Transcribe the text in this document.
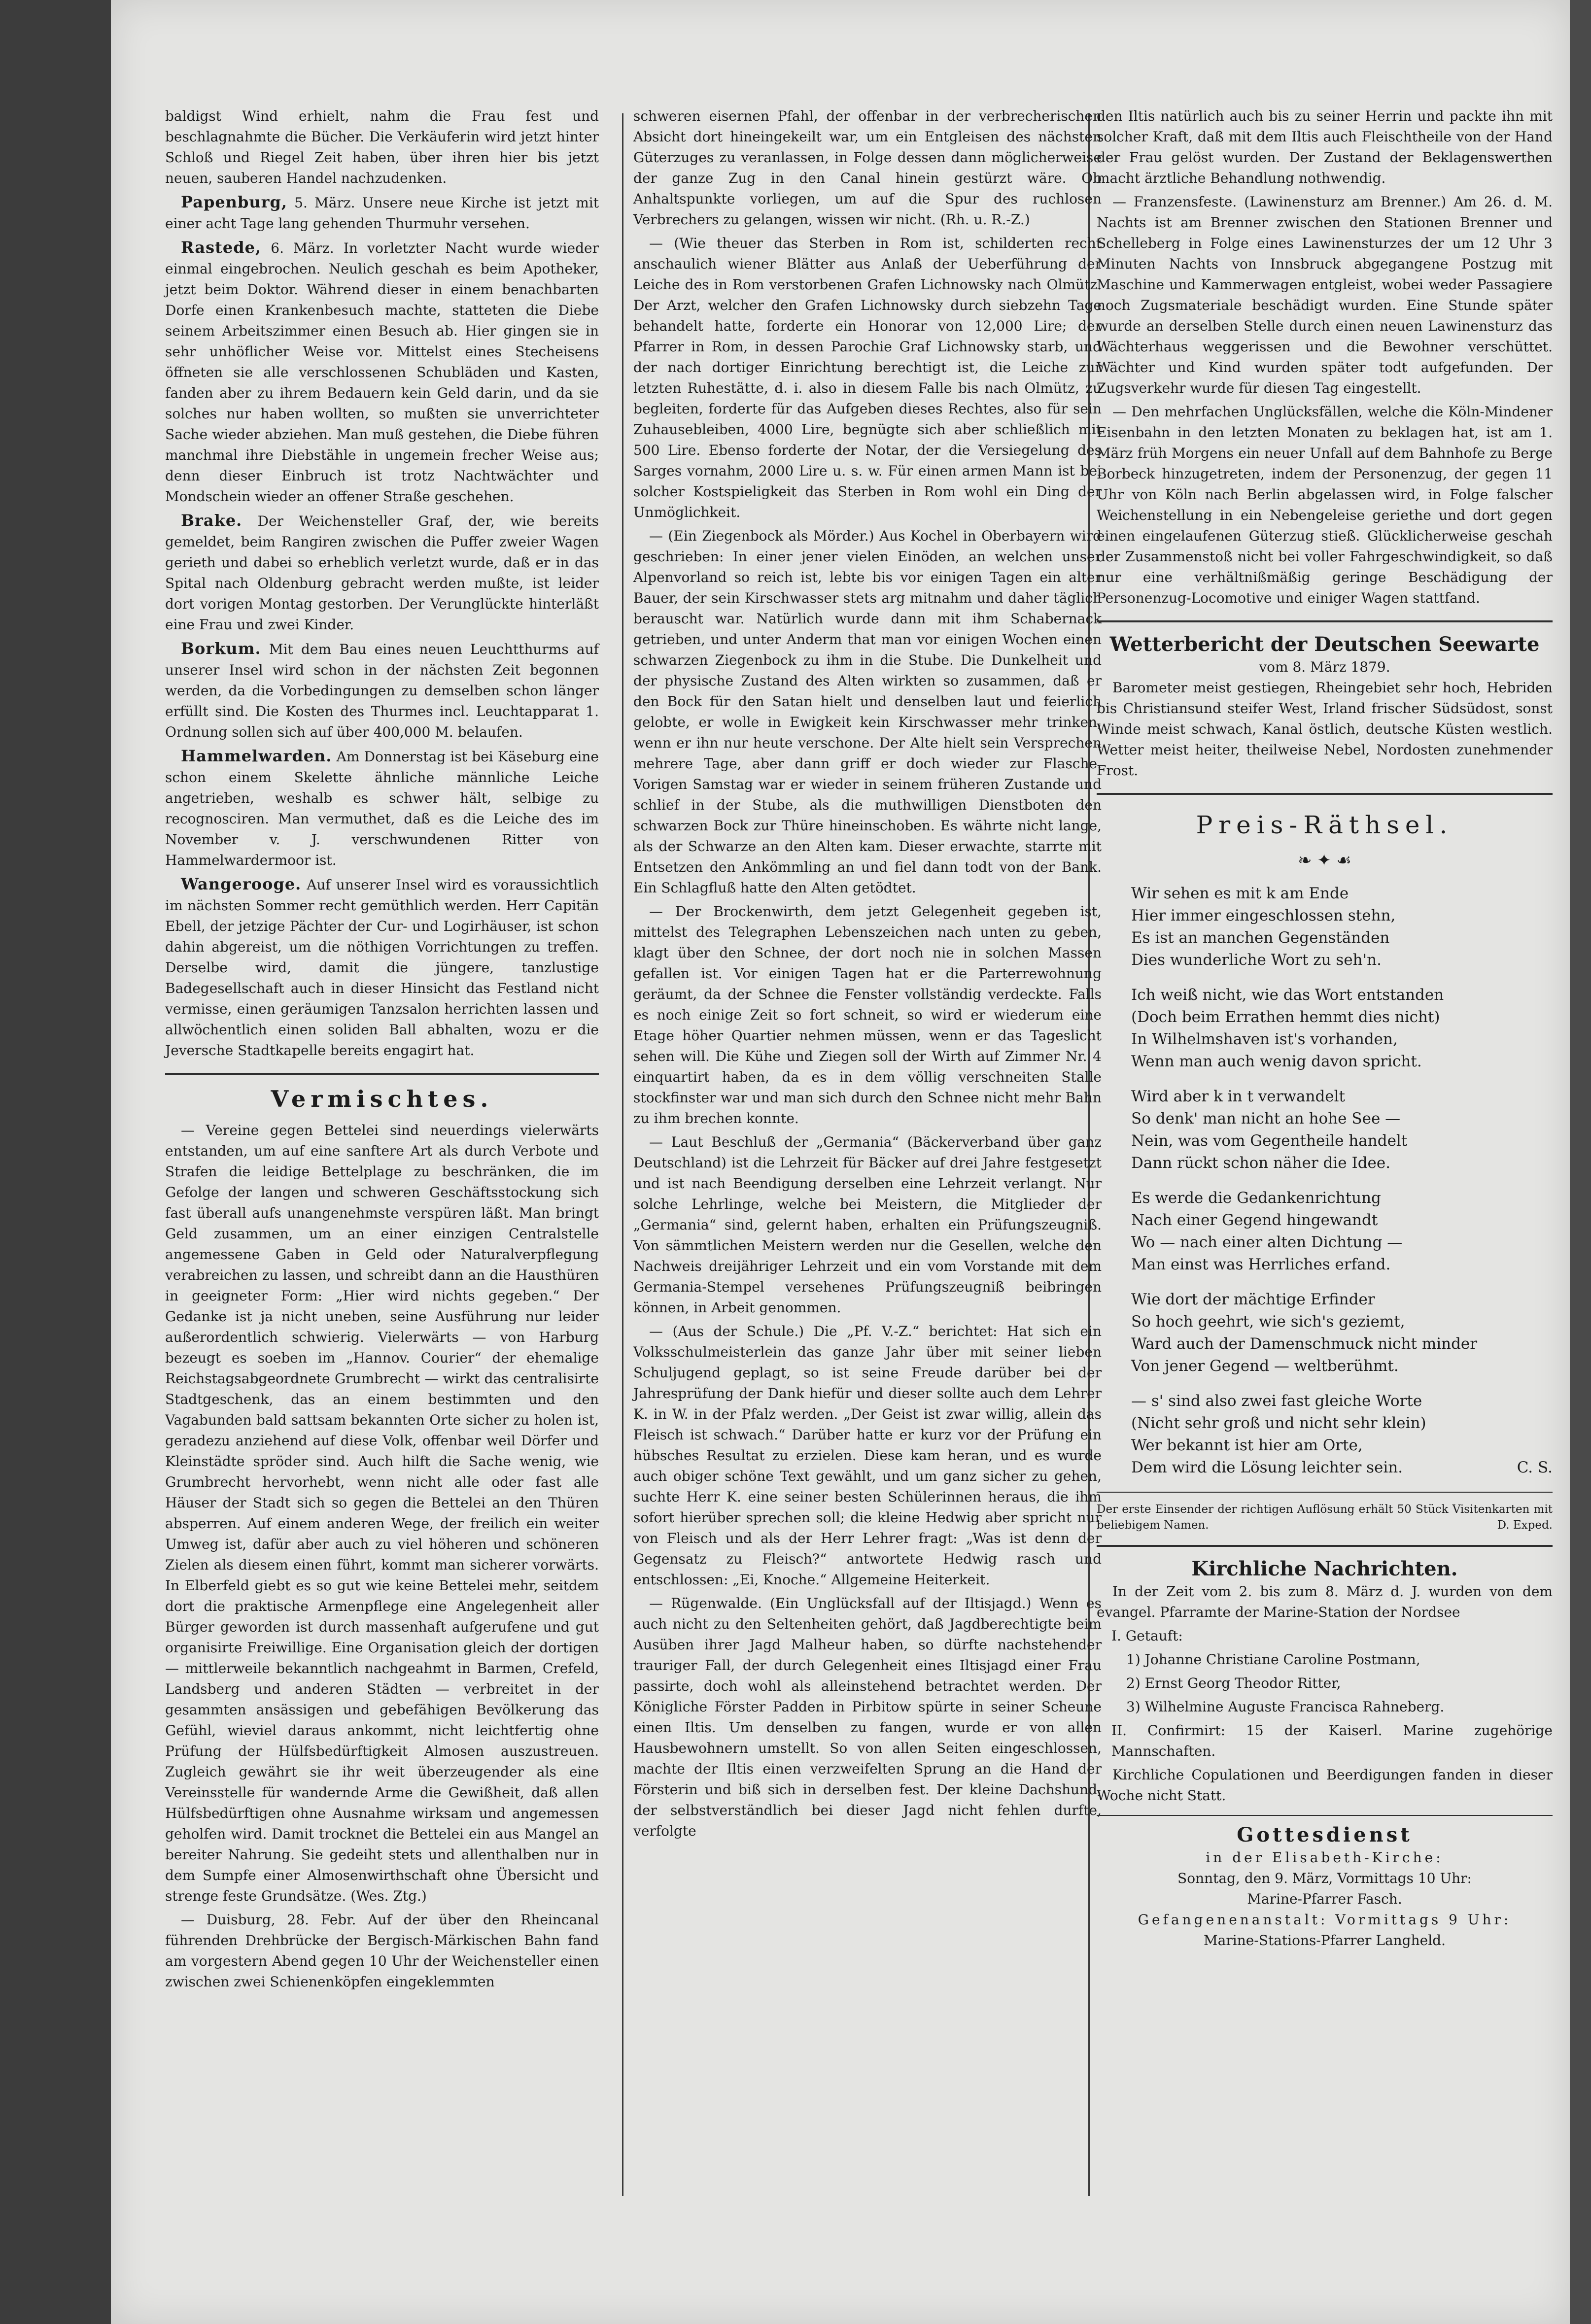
baldigst Wind erhielt, nahm die Frau fest und beschlagnahmte die Bücher. Die Verkäuferin wird jetzt hinter Schloß und Riegel Zeit haben, über ihren hier bis jetzt neuen, sauberen Handel nachzudenken.

Papenburg, 5. März. Unsere neue Kirche ist jetzt mit einer acht Tage lang gehenden Thurmuhr versehen.

Rastede, 6. März. In vorletzter Nacht wurde wieder einmal eingebrochen. Neulich geschah es beim Apotheker, jetzt beim Doktor. Während dieser in einem benachbarten Dorfe einen Krankenbesuch machte, statteten die Diebe seinem Arbeitszimmer einen Besuch ab. Hier gingen sie in sehr unhöflicher Weise vor. Mittelst eines Stecheisens öffneten sie alle verschlossenen Schubläden und Kasten, fanden aber zu ihrem Bedauern kein Geld darin, und da sie solches nur haben wollten, so mußten sie unverrichteter Sache wieder abziehen. Man muß gestehen, die Diebe führen manchmal ihre Diebstähle in ungemein frecher Weise aus; denn dieser Einbruch ist trotz Nachtwächter und Mondschein wieder an offener Straße geschehen.

Brake. Der Weichensteller Graf, der, wie bereits gemeldet, beim Rangiren zwischen die Puffer zweier Wagen gerieth und dabei so erheblich verletzt wurde, daß er in das Spital nach Oldenburg gebracht werden mußte, ist leider dort vorigen Montag gestorben. Der Verunglückte hinterläßt eine Frau und zwei Kinder.

Borkum. Mit dem Bau eines neuen Leuchtthurms auf unserer Insel wird schon in der nächsten Zeit begonnen werden, da die Vorbedingungen zu demselben schon länger erfüllt sind. Die Kosten des Thurmes incl. Leuchtapparat 1. Ordnung sollen sich auf über 400,000 M. belaufen.

Hammelwarden. Am Donnerstag ist bei Käseburg eine schon einem Skelette ähnliche männliche Leiche angetrieben, weshalb es schwer hält, selbige zu recognosciren. Man vermuthet, daß es die Leiche des im November v. J. verschwundenen Ritter von Hammelwardermoor ist.

Wangerooge. Auf unserer Insel wird es voraussichtlich im nächsten Sommer recht gemüthlich werden. Herr Capitän Ebell, der jetzige Pächter der Cur- und Logirhäuser, ist schon dahin abgereist, um die nöthigen Vorrichtungen zu treffen. Derselbe wird, damit die jüngere, tanzlustige Badegesellschaft auch in dieser Hinsicht das Festland nicht vermisse, einen geräumigen Tanzsalon herrichten lassen und allwöchentlich einen soliden Ball abhalten, wozu er die Jeversche Stadtkapelle bereits engagirt hat.

Vermischtes.

— Vereine gegen Bettelei sind neuerdings vielerwärts entstanden, um auf eine sanftere Art als durch Verbote und Strafen die leidige Bettelplage zu beschränken, die im Gefolge der langen und schweren Geschäftsstockung sich fast überall aufs unangenehmste verspüren läßt. Man bringt Geld zusammen, um an einer einzigen Centralstelle angemessene Gaben in Geld oder Naturalverpflegung verabreichen zu lassen, und schreibt dann an die Hausthüren in geeigneter Form: „Hier wird nichts gegeben.“ Der Gedanke ist ja nicht uneben, seine Ausführung nur leider außerordentlich schwierig. Vielerwärts — von Harburg bezeugt es soeben im „Hannov. Courier“ der ehemalige Reichstagsabgeordnete Grumbrecht — wirkt das centralisirte Stadtgeschenk, das an einem bestimmten und den Vagabunden bald sattsam bekannten Orte sicher zu holen ist, geradezu anziehend auf diese Volk, offenbar weil Dörfer und Kleinstädte spröder sind. Auch hilft die Sache wenig, wie Grumbrecht hervorhebt, wenn nicht alle oder fast alle Häuser der Stadt sich so gegen die Bettelei an den Thüren absperren. Auf einem anderen Wege, der freilich ein weiter Umweg ist, dafür aber auch zu viel höheren und schöneren Zielen als diesem einen führt, kommt man sicherer vorwärts. In Elberfeld giebt es so gut wie keine Bettelei mehr, seitdem dort die praktische Armenpflege eine Angelegenheit aller Bürger geworden ist durch massenhaft aufgerufene und gut organisirte Freiwillige. Eine Organisation gleich der dortigen — mittlerweile bekanntlich nachgeahmt in Barmen, Crefeld, Landsberg und anderen Städten — verbreitet in der gesammten ansässigen und gebefähigen Bevölkerung das Gefühl, wieviel daraus ankommt, nicht leichtfertig ohne Prüfung der Hülfsbedürftigkeit Almosen auszustreuen. Zugleich gewährt sie ihr weit überzeugender als eine Vereinsstelle für wandernde Arme die Gewißheit, daß allen Hülfsbedürftigen ohne Ausnahme wirksam und angemessen geholfen wird. Damit trocknet die Bettelei ein aus Mangel an bereiter Nahrung. Sie gedeiht stets und allenthalben nur in dem Sumpfe einer Almosenwirthschaft ohne Übersicht und strenge feste Grundsätze. (Wes. Ztg.)

— Duisburg, 28. Febr. Auf der über den Rheincanal führenden Drehbrücke der Bergisch-Märkischen Bahn fand am vorgestern Abend gegen 10 Uhr der Weichensteller einen zwischen zwei Schienenköpfen eingeklemmten

schweren eisernen Pfahl, der offenbar in der verbrecherischen Absicht dort hineingekeilt war, um ein Entgleisen des nächsten Güterzuges zu veranlassen, in Folge dessen dann möglicherweise der ganze Zug in den Canal hinein gestürzt wäre. Ob Anhaltspunkte vorliegen, um auf die Spur des ruchlosen Verbrechers zu gelangen, wissen wir nicht. (Rh. u. R.-Z.)

— (Wie theuer das Sterben in Rom ist, schilderten recht anschaulich wiener Blätter aus Anlaß der Ueberführung der Leiche des in Rom verstorbenen Grafen Lichnowsky nach Olmütz. Der Arzt, welcher den Grafen Lichnowsky durch siebzehn Tage behandelt hatte, forderte ein Honorar von 12,000 Lire; der Pfarrer in Rom, in dessen Parochie Graf Lichnowsky starb, und der nach dortiger Einrichtung berechtigt ist, die Leiche zur letzten Ruhestätte, d. i. also in diesem Falle bis nach Olmütz, zu begleiten, forderte für das Aufgeben dieses Rechtes, also für sein Zuhausebleiben, 4000 Lire, begnügte sich aber schließlich mit 500 Lire. Ebenso forderte der Notar, der die Versiegelung des Sarges vornahm, 2000 Lire u. s. w. Für einen armen Mann ist bei solcher Kostspieligkeit das Sterben in Rom wohl ein Ding der Unmöglichkeit.

— (Ein Ziegenbock als Mörder.) Aus Kochel in Oberbayern wird geschrieben: In einer jener vielen Einöden, an welchen unser Alpenvorland so reich ist, lebte bis vor einigen Tagen ein alter Bauer, der sein Kirschwasser stets arg mitnahm und daher täglich berauscht war. Natürlich wurde dann mit ihm Schabernack getrieben, und unter Anderm that man vor einigen Wochen einen schwarzen Ziegenbock zu ihm in die Stube. Die Dunkelheit und der physische Zustand des Alten wirkten so zusammen, daß er den Bock für den Satan hielt und denselben laut und feierlich gelobte, er wolle in Ewigkeit kein Kirschwasser mehr trinken, wenn er ihn nur heute verschone. Der Alte hielt sein Versprechen mehrere Tage, aber dann griff er doch wieder zur Flasche. Vorigen Samstag war er wieder in seinem früheren Zustande und schlief in der Stube, als die muthwilligen Dienstboten den schwarzen Bock zur Thüre hineinschoben. Es währte nicht lange, als der Schwarze an den Alten kam. Dieser erwachte, starrte mit Entsetzen den Ankömmling an und fiel dann todt von der Bank. Ein Schlagfluß hatte den Alten getödtet.

— Der Brockenwirth, dem jetzt Gelegenheit gegeben ist, mittelst des Telegraphen Lebenszeichen nach unten zu geben, klagt über den Schnee, der dort noch nie in solchen Massen gefallen ist. Vor einigen Tagen hat er die Parterrewohnung geräumt, da der Schnee die Fenster vollständig verdeckte. Falls es noch einige Zeit so fort schneit, so wird er wiederum eine Etage höher Quartier nehmen müssen, wenn er das Tageslicht sehen will. Die Kühe und Ziegen soll der Wirth auf Zimmer Nr. 4 einquartirt haben, da es in dem völlig verschneiten Stalle stockfinster war und man sich durch den Schnee nicht mehr Bahn zu ihm brechen konnte.

— Laut Beschluß der „Germania“ (Bäckerverband über ganz Deutschland) ist die Lehrzeit für Bäcker auf drei Jahre festgesetzt und ist nach Beendigung derselben eine Lehrzeit verlangt. Nur solche Lehrlinge, welche bei Meistern, die Mitglieder der „Germania“ sind, gelernt haben, erhalten ein Prüfungszeugniß. Von sämmtlichen Meistern werden nur die Gesellen, welche den Nachweis dreijähriger Lehrzeit und ein vom Vorstande mit dem Germania-Stempel versehenes Prüfungszeugniß beibringen können, in Arbeit genommen.

— (Aus der Schule.) Die „Pf. V.-Z.“ berichtet: Hat sich ein Volksschulmeisterlein das ganze Jahr über mit seiner lieben Schuljugend geplagt, so ist seine Freude darüber bei der Jahresprüfung der Dank hiefür und dieser sollte auch dem Lehrer K. in W. in der Pfalz werden. „Der Geist ist zwar willig, allein das Fleisch ist schwach.“ Darüber hatte er kurz vor der Prüfung ein hübsches Resultat zu erzielen. Diese kam heran, und es wurde auch obiger schöne Text gewählt, und um ganz sicher zu gehen, suchte Herr K. eine seiner besten Schülerinnen heraus, die ihm sofort hierüber sprechen soll; die kleine Hedwig aber spricht nur von Fleisch und als der Herr Lehrer fragt: „Was ist denn der Gegensatz zu Fleisch?“ antwortete Hedwig rasch und entschlossen: „Ei, Knoche.“ Allgemeine Heiterkeit.

— Rügenwalde. (Ein Unglücksfall auf der Iltisjagd.) Wenn es auch nicht zu den Seltenheiten gehört, daß Jagdberechtigte beim Ausüben ihrer Jagd Malheur haben, so dürfte nachstehender trauriger Fall, der durch Gelegenheit eines Iltisjagd einer Frau passirte, doch wohl als alleinstehend betrachtet werden. Der Königliche Förster Padden in Pirbitow spürte in seiner Scheune einen Iltis. Um denselben zu fangen, wurde er von allen Hausbewohnern umstellt. So von allen Seiten eingeschlossen, machte der Iltis einen verzweifelten Sprung an die Hand der Försterin und biß sich in derselben fest. Der kleine Dachshund, der selbstverständlich bei dieser Jagd nicht fehlen durfte, verfolgte

den Iltis natürlich auch bis zu seiner Herrin und packte ihn mit solcher Kraft, daß mit dem Iltis auch Fleischtheile von der Hand der Frau gelöst wurden. Der Zustand der Beklagenswerthen macht ärztliche Behandlung nothwendig.

— Franzensfeste. (Lawinensturz am Brenner.) Am 26. d. M. Nachts ist am Brenner zwischen den Stationen Brenner und Schelleberg in Folge eines Lawinensturzes der um 12 Uhr 3 Minuten Nachts von Innsbruck abgegangene Postzug mit Maschine und Kammerwagen entgleist, wobei weder Passagiere noch Zugsmateriale beschädigt wurden. Eine Stunde später wurde an derselben Stelle durch einen neuen Lawinensturz das Wächterhaus weggerissen und die Bewohner verschüttet. Wächter und Kind wurden später todt aufgefunden. Der Zugsverkehr wurde für diesen Tag eingestellt.

— Den mehrfachen Unglücksfällen, welche die Köln-Mindener Eisenbahn in den letzten Monaten zu beklagen hat, ist am 1. März früh Morgens ein neuer Unfall auf dem Bahnhofe zu Berge Borbeck hinzugetreten, indem der Personenzug, der gegen 11 Uhr von Köln nach Berlin abgelassen wird, in Folge falscher Weichenstellung in ein Nebengeleise geriethe und dort gegen einen eingelaufenen Güterzug stieß. Glücklicherweise geschah der Zusammenstoß nicht bei voller Fahrgeschwindigkeit, so daß nur eine verhältnißmäßig geringe Beschädigung der Personenzug-Locomotive und einiger Wagen stattfand.

Wetterbericht der Deutschen Seewarte
vom 8. März 1879.

Barometer meist gestiegen, Rheingebiet sehr hoch, Hebriden bis Christiansund steifer West, Irland frischer Südsüdost, sonst Winde meist schwach, Kanal östlich, deutsche Küsten westlich. Wetter meist heiter, theilweise Nebel, Nordosten zunehmender Frost.

Preis-Räthsel.
❧ ✦ ☙
Wir sehen es mit k am Ende
Hier immer eingeschlossen stehn,
Es ist an manchen Gegenständen
Dies wunderliche Wort zu seh'n.
Ich weiß nicht, wie das Wort entstanden
(Doch beim Errathen hemmt dies nicht)
In Wilhelmshaven ist's vorhanden,
Wenn man auch wenig davon spricht.
Wird aber k in t verwandelt
So denk' man nicht an hohe See —
Nein, was vom Gegentheile handelt
Dann rückt schon näher die Idee.
Es werde die Gedankenrichtung
Nach einer Gegend hingewandt
Wo — nach einer alten Dichtung —
Man einst was Herrliches erfand.
Wie dort der mächtige Erfinder
So hoch geehrt, wie sich's geziemt,
Ward auch der Damenschmuck nicht minder
Von jener Gegend — weltberühmt.
— s' sind also zwei fast gleiche Worte
(Nicht sehr groß und nicht sehr klein)
Wer bekannt ist hier am Orte,
Dem wird die Lösung leichter sein.	C. S.

Der erste Einsender der richtigen Auflösung erhält 50 Stück Visitenkarten mit beliebigem Namen.	D. Exped.

Kirchliche Nachrichten.

In der Zeit vom 2. bis zum 8. März d. J. wurden von dem evangel. Pfarramte der Marine-Station der Nordsee

I. Getauft:

1) Johanne Christiane Caroline Postmann,

2) Ernst Georg Theodor Ritter,

3) Wilhelmine Auguste Francisca Rahneberg.

II. Confirmirt: 15 der Kaiserl. Marine zugehörige Mannschaften.

Kirchliche Copulationen und Beerdigungen fanden in dieser Woche nicht Statt.

Gottesdienst
in der Elisabeth-Kirche:
Sonntag, den 9. März, Vormittags 10 Uhr:
Marine-Pfarrer Fasch.
Gefangenenanstalt: Vormittags 9 Uhr:
Marine-Stations-Pfarrer Langheld.
